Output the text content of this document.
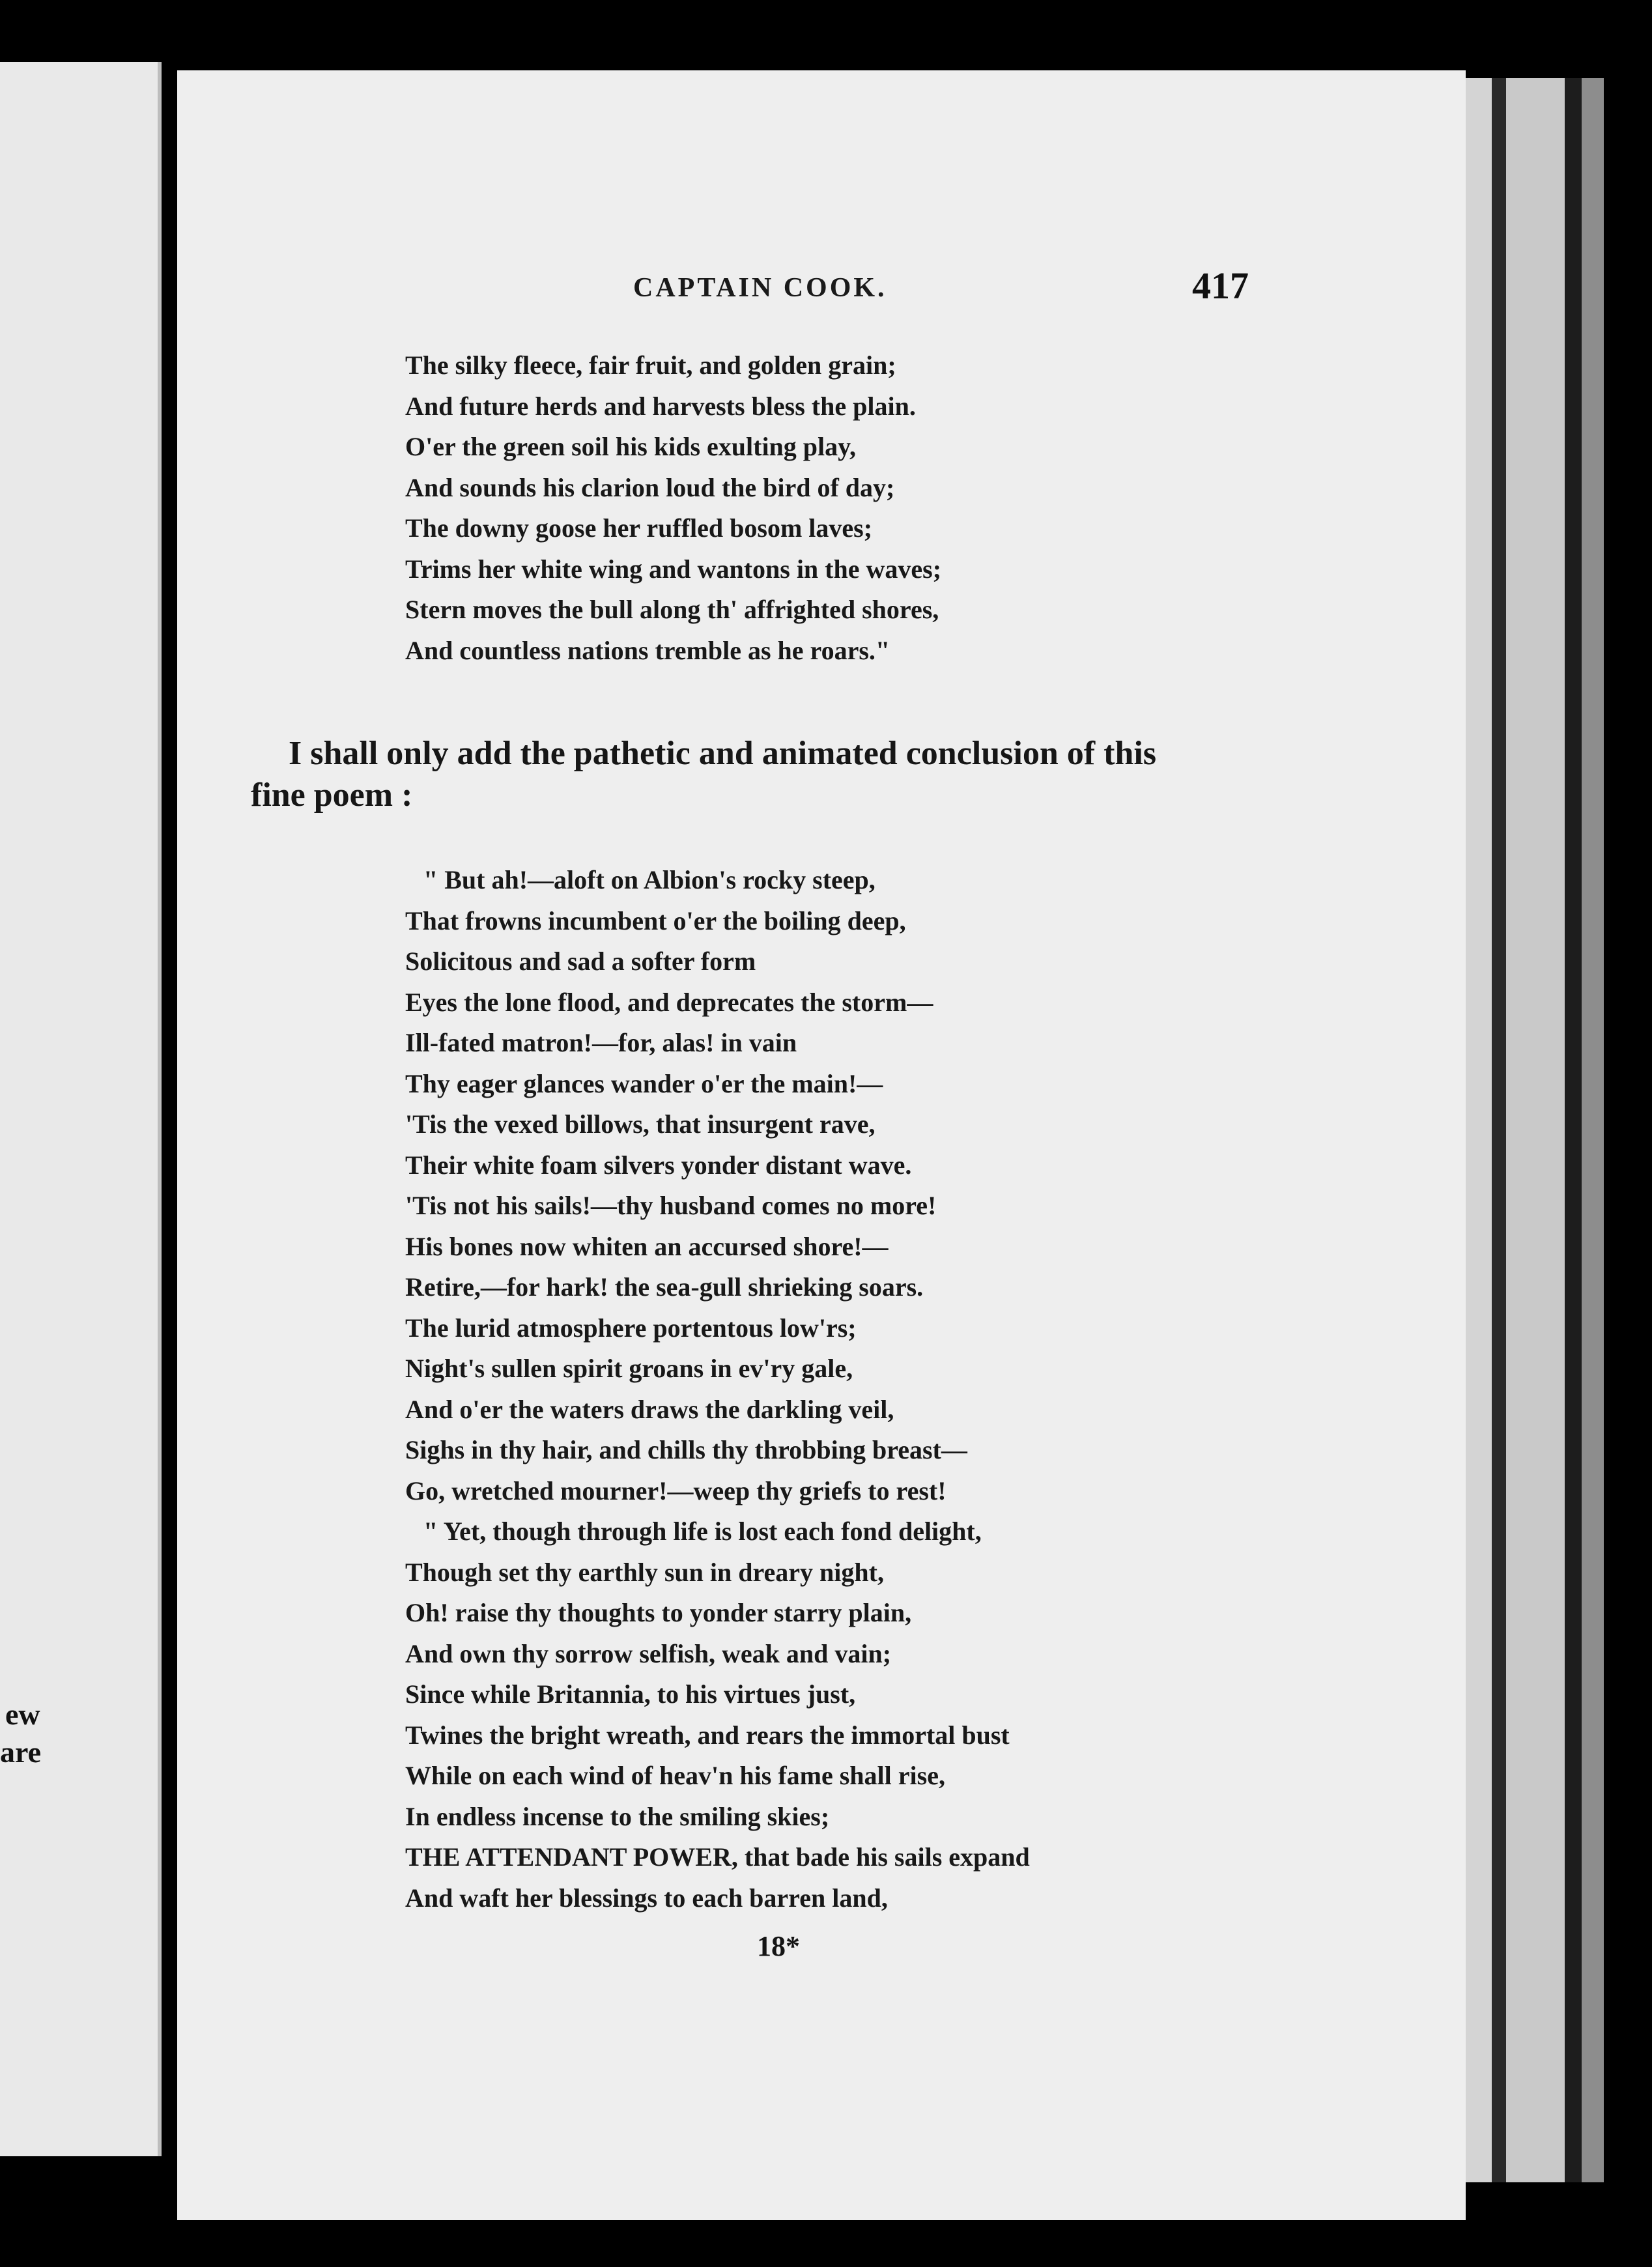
ew
are
CAPTAIN COOK.	417
The silky fleece, fair fruit, and golden grain;
And future herds and harvests bless the plain.
O'er the green soil his kids exulting play,
And sounds his clarion loud the bird of day;
The downy goose her ruffled bosom laves;
Trims her white wing and wantons in the waves;
Stern moves the bull along th' affrighted shores,
And countless nations tremble as he roars."
I shall only add the pathetic and animated conclusion of this
fine poem :
" But ah!—aloft on Albion's rocky steep,
That frowns incumbent o'er the boiling deep,
Solicitous and sad a softer form
Eyes the lone flood, and deprecates the storm—
Ill-fated matron!—for, alas! in vain
Thy eager glances wander o'er the main!—
'Tis the vexed billows, that insurgent rave,
Their white foam silvers yonder distant wave.
'Tis not his sails!—thy husband comes no more!
His bones now whiten an accursed shore!—
Retire,—for hark! the sea-gull shrieking soars.
The lurid atmosphere portentous low'rs;
Night's sullen spirit groans in ev'ry gale,
And o'er the waters draws the darkling veil,
Sighs in thy hair, and chills thy throbbing breast—
Go, wretched mourner!—weep thy griefs to rest!
" Yet, though through life is lost each fond delight,
Though set thy earthly sun in dreary night,
Oh! raise thy thoughts to yonder starry plain,
And own thy sorrow selfish, weak and vain;
Since while Britannia, to his virtues just,
Twines the bright wreath, and rears the immortal bust
While on each wind of heav'n his fame shall rise,
In endless incense to the smiling skies;
THE ATTENDANT POWER, that bade his sails expand
And waft her blessings to each barren land,
18*
